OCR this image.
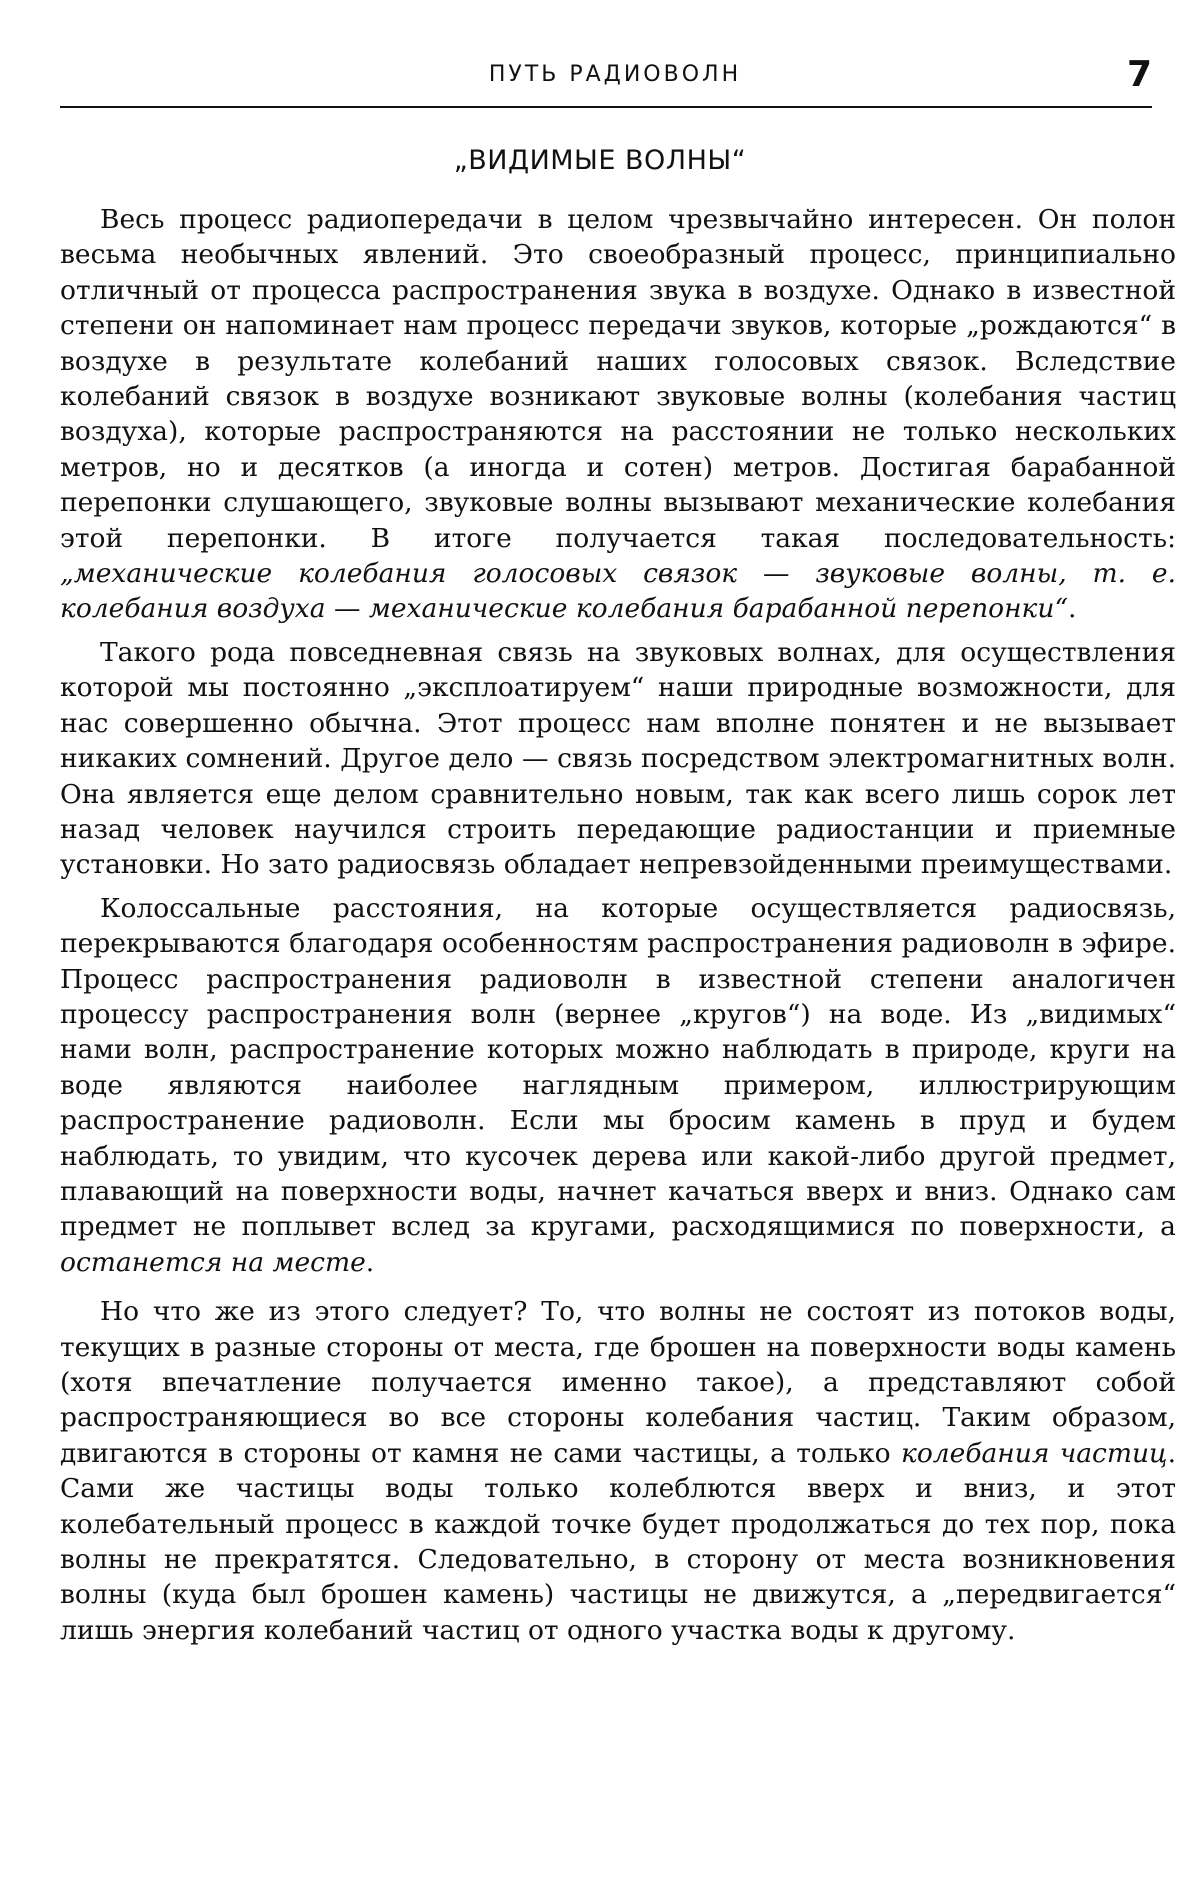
ПУТЬ РАДИОВОЛН	7
„ВИДИМЫЕ ВОЛНЫ“

Весь процесс радиопередачи в целом чрезвычайно интересен. Он полон весьма необычных явлений. Это своеобразный процесс, принципиально отличный от процесса распространения звука в воздухе. Однако в известной степени он напоминает нам процесс передачи звуков, которые „рождаются“ в воздухе в результате колебаний наших голосовых связок. Вследствие колебаний связок в воздухе возникают звуковые волны (колебания частиц воздуха), которые распространяются на расстоянии не только нескольких метров, но и десятков (а иногда и сотен) метров. Достигая барабанной перепонки слушающего, звуковые волны вызывают механические колебания этой перепонки. В итоге получается такая последовательность: „механические колебания голосовых связок — звуковые волны, т. е. колебания воздуха — механические колебания барабанной перепонки“.

Такого рода повседневная связь на звуковых волнах, для осуществления которой мы постоянно „эксплоатируем“ наши природные возможности, для нас совершенно обычна. Этот процесс нам вполне понятен и не вызывает никаких сомнений. Другое дело — связь посредством электромагнитных волн. Она является еще делом сравнительно новым, так как всего лишь сорок лет назад человек научился строить передающие радиостанции и приемные установки. Но зато радиосвязь обладает непревзойденными преимуществами.

Колоссальные расстояния, на которые осуществляется радиосвязь, перекрываются благодаря особенностям распространения радиоволн в эфире. Процесс распространения радиоволн в известной степени аналогичен процессу распространения волн (вернее „кругов“) на воде. Из „видимых“ нами волн, распространение которых можно наблюдать в природе, круги на воде являются наиболее наглядным примером, иллюстрирующим распространение радиоволн. Если мы бросим камень в пруд и будем наблюдать, то увидим, что кусочек дерева или какой-либо другой предмет, плавающий на поверхности воды, начнет качаться вверх и вниз. Однако сам предмет не поплывет вслед за кругами, расходящимися по поверхности, а останется на месте.

Но что же из этого следует? То, что волны не состоят из потоков воды, текущих в разные стороны от места, где брошен на поверхности воды камень (хотя впечатление получается именно такое), а представляют собой распространяющиеся во все стороны колебания частиц. Таким образом, двигаются в стороны от камня не сами частицы, а только колебания частиц. Сами же частицы воды только колеблются вверх и вниз, и этот колебательный процесс в каждой точке будет продолжаться до тех пор, пока волны не прекратятся. Следовательно, в сторону от места возникновения волны (куда был брошен камень) частицы не движутся, а „передвигается“ лишь энергия колебаний частиц от одного участка воды к другому.
